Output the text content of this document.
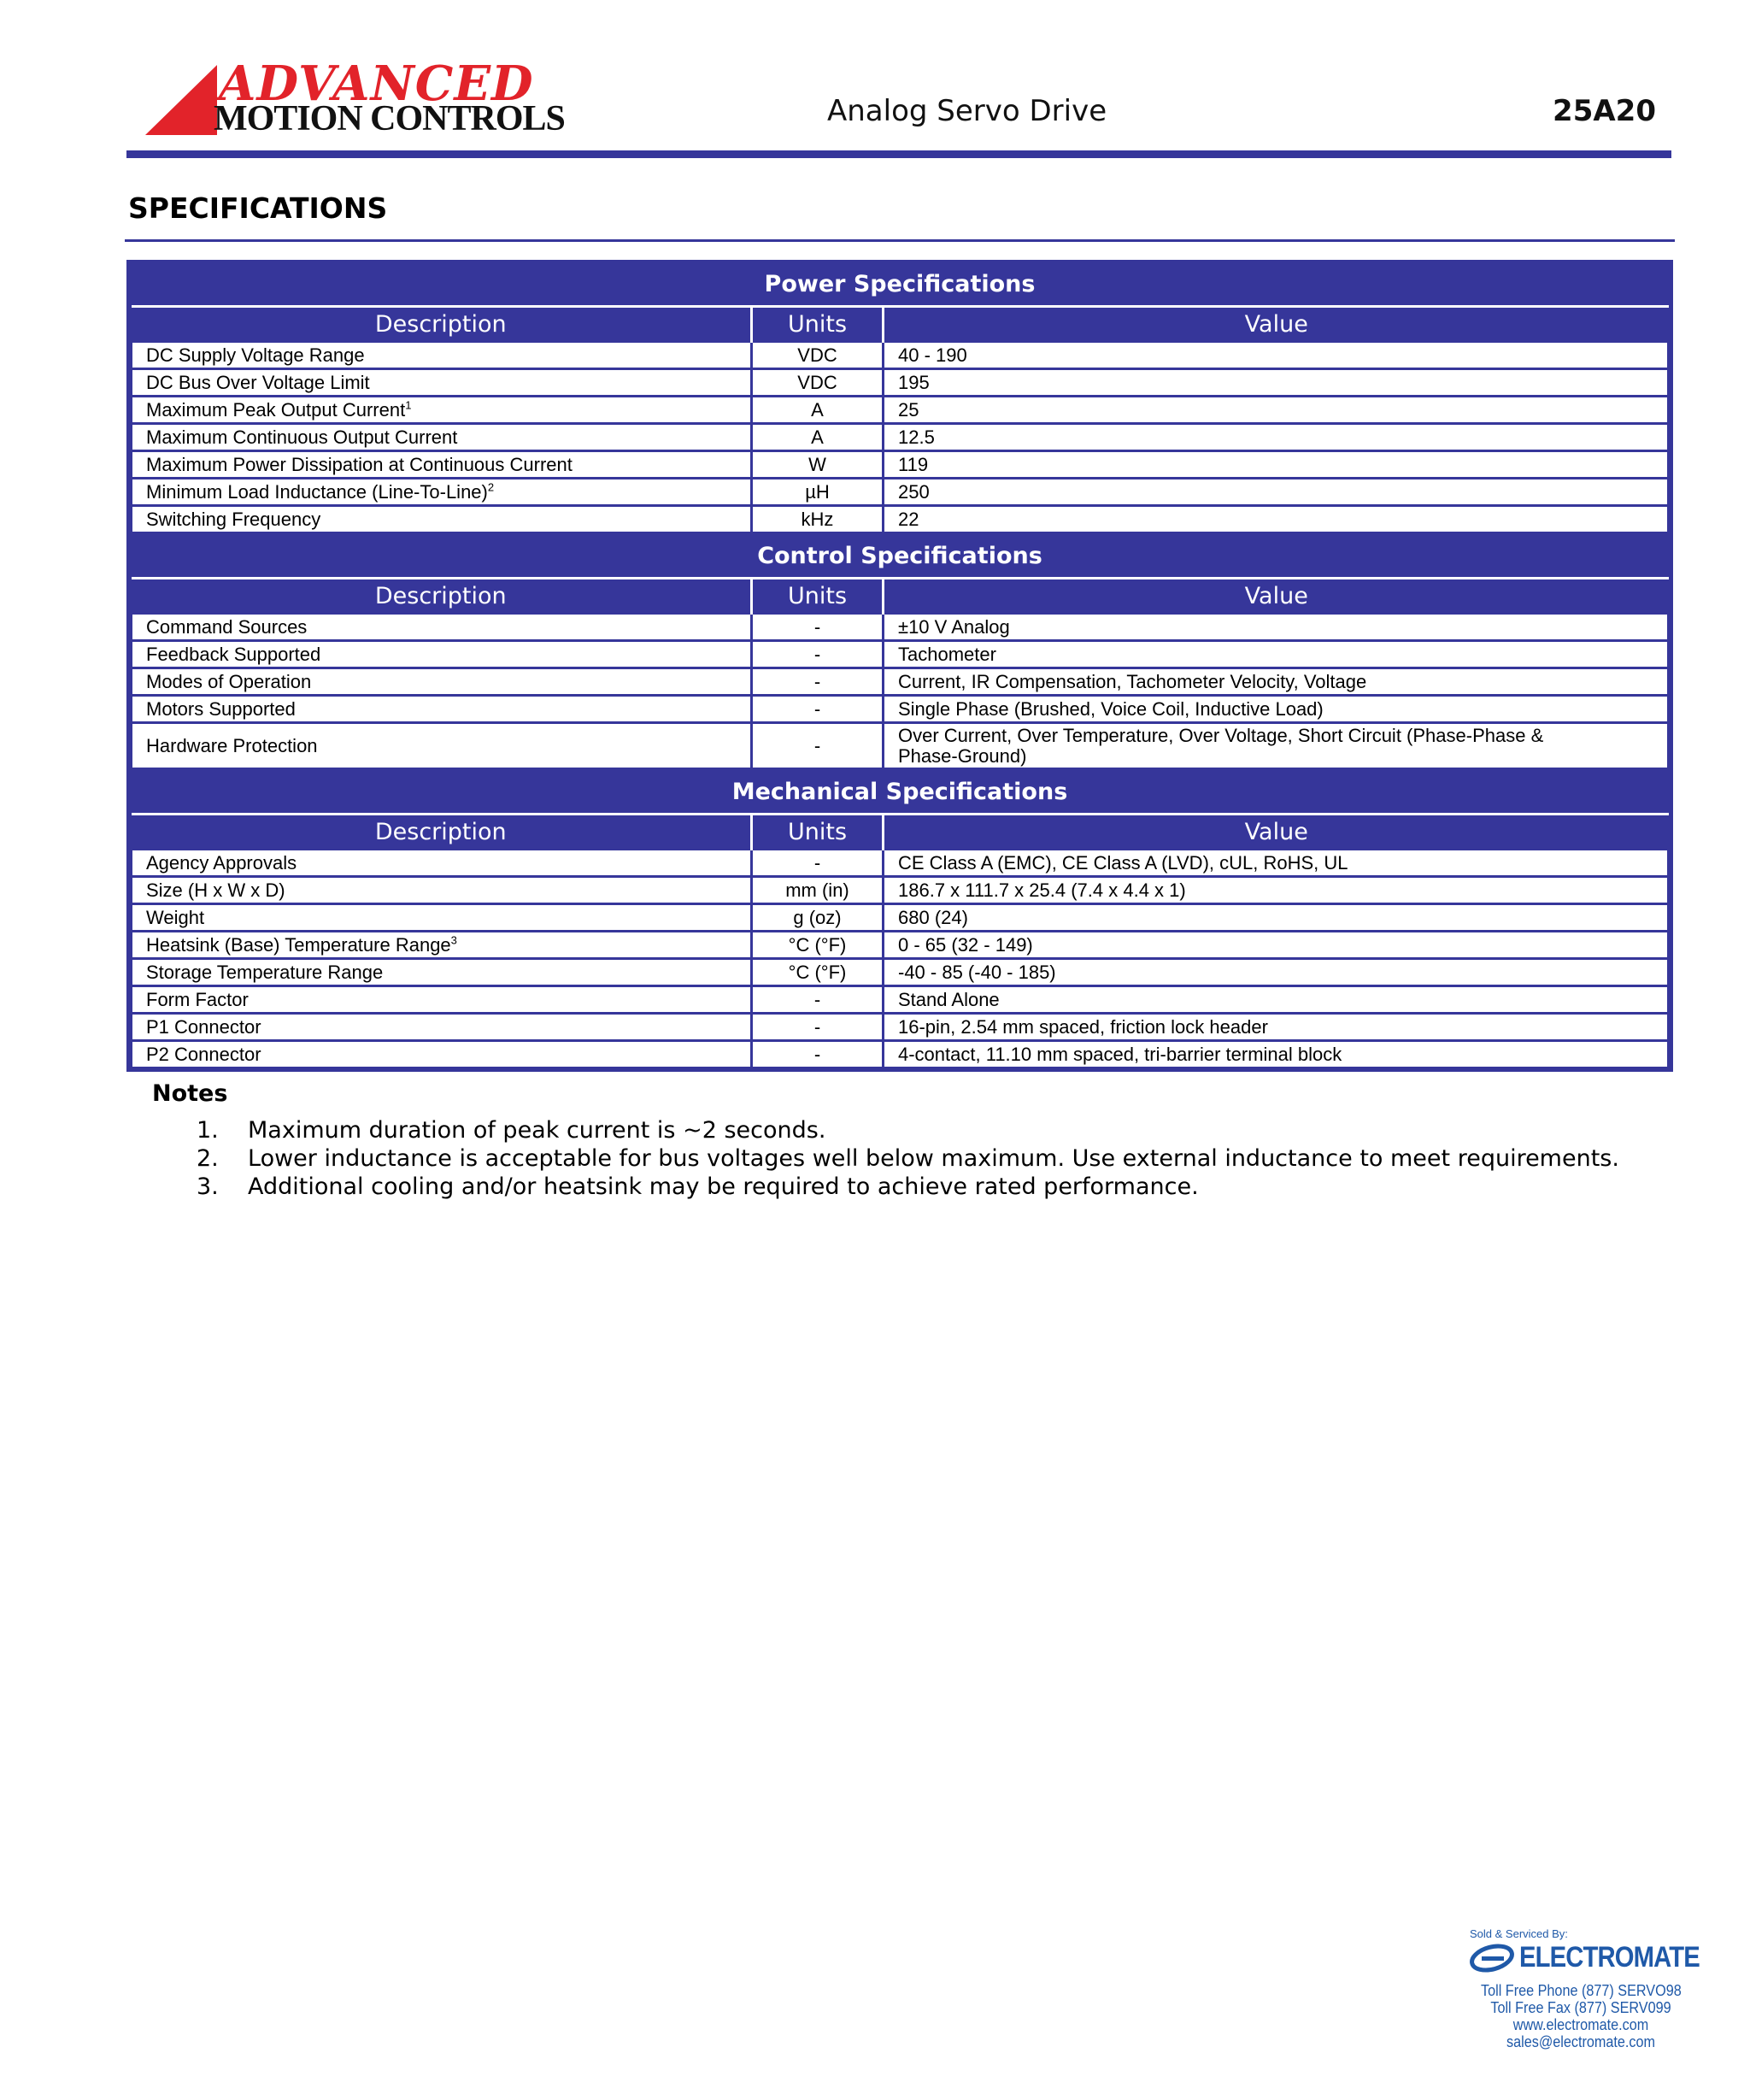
ADVANCED
MOTION CONTROLS	Analog Servo Drive	25A20
SPECIFICATIONS
Power Specifications		
Description	Units	Value
DC Supply Voltage Range	VDC	40 - 190
DC Bus Over Voltage Limit	VDC	195
Maximum Peak Output Current$^1$	A	25
Maximum Continuous Output Current	A	12.5
Maximum Power Dissipation at Continuous Current	W	119
Minimum Load Inductance (Line-To-Line)$^2$	µH	250
Switching Frequency	kHz	22
Control Specifications		
Description	Units	Value
Command Sources	-	±10 V Analog
Feedback Supported	-	Tachometer
Modes of Operation	-	Current, IR Compensation, Tachometer Velocity, Voltage
Motors Supported	-	Single Phase (Brushed, Voice Coil, Inductive Load)
Hardware Protection	-	Over Current, Over Temperature, Over Voltage, Short Circuit (Phase-Phase &
Phase-Ground)
Mechanical Specifications		
Description	Units	Value
Agency Approvals	-	CE Class A (EMC), CE Class A (LVD), cUL, RoHS, UL
Size (H x W x D)	mm (in)	186.7 x 111.7 x 25.4 (7.4 x 4.4 x 1)
Weight	g (oz)	680 (24)
Heatsink (Base) Temperature Range$^3$	°C (°F)	0 - 65 (32 - 149)
Storage Temperature Range	°C (°F)	-40 - 85 (-40 - 185)
Form Factor	-	Stand Alone
P1 Connector	-	16-pin, 2.54 mm spaced, friction lock header
P2 Connector	-	4-contact, 11.10 mm spaced, tri-barrier terminal block
Notes
1. Maximum duration of peak current is ~2 seconds.
2. Lower inductance is acceptable for bus voltages well below maximum. Use external inductance to meet requirements.
3. Additional cooling and/or heatsink may be required to achieve rated performance.
Sold & Serviced By:
ELECTROMATE
Toll Free Phone (877) SERVO98
Toll Free Fax (877) SERV099
www.electromate.com
sales@electromate.com
